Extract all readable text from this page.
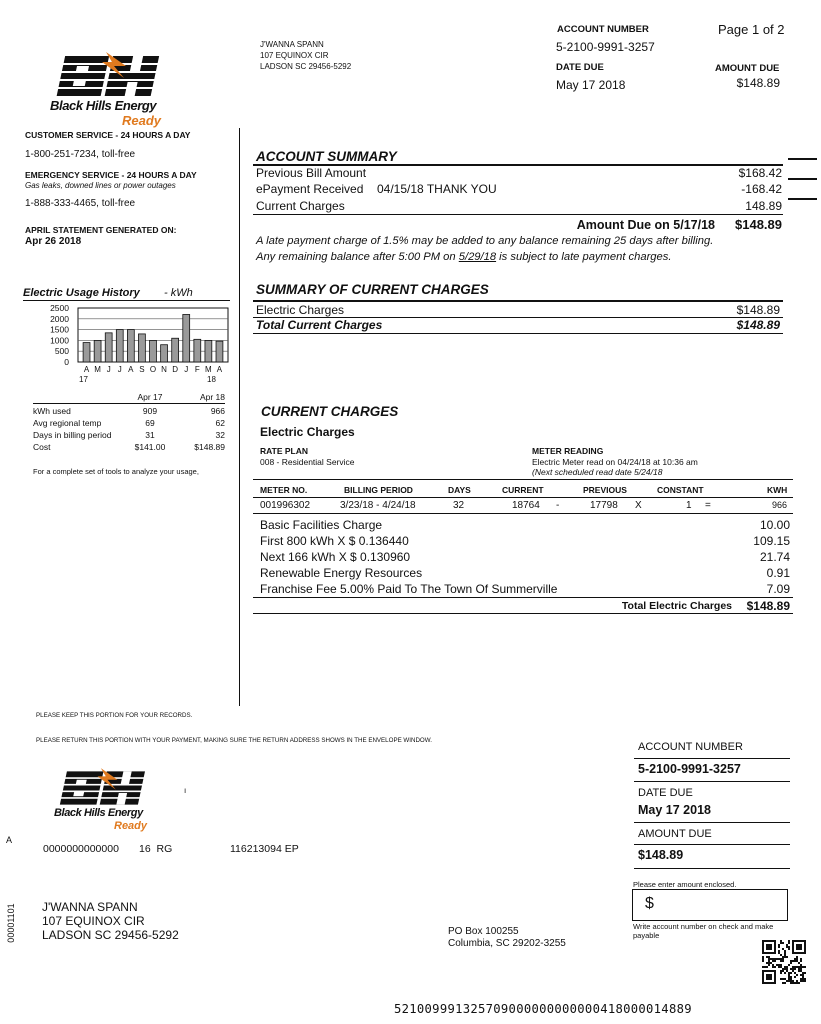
J'WANNA SPANN
107 EQUINOX CIR
LADSON SC 29456-5292
ACCOUNT NUMBER
5-2100-9991-3257
Page 1 of 2
DATE DUE
May 17 2018
AMOUNT DUE
$148.89
Black Hills Energy
Ready
CUSTOMER SERVICE - 24 HOURS A DAY
1-800-251-7234, toll-free
EMERGENCY SERVICE - 24 HOURS A DAY
Gas leaks, downed lines or power outages
1-888-333-4465, toll-free
APRIL STATEMENT GENERATED ON:
Apr 26 2018
Electric Usage History - kWh
2500
2000
1500
1000
500
0
A M J J A S O N D J F M A
17	18
Apr 17	Apr 18
kWh used	909	966
Avg regional temp	69	62
Days in billing period	31	32
Cost	$141.00	$148.89
For a complete set of tools to analyze your usage,
ACCOUNT SUMMARY
Previous Bill Amount	$168.42
ePayment Received 04/15/18 THANK YOU	-168.42
Current Charges	148.89
Amount Due on 5/17/18	$148.89
A late payment charge of 1.5% may be added to any balance remaining 25 days after billing.
Any remaining balance after 5:00 PM on 5/29/18 is subject to late payment charges.
SUMMARY OF CURRENT CHARGES
Electric Charges	$148.89
Total Current Charges	$148.89
CURRENT CHARGES
Electric Charges
RATE PLAN
008 - Residential Service
METER READING
Electric Meter read on 04/24/18 at 10:36 am
(Next scheduled read date 5/24/18
METER NO.	BILLING PERIOD	DAYS	CURRENT	PREVIOUS	CONSTANT	KWH
001996302	3/23/18 - 4/24/18	32	18764 -	17798 X	1 =	966
Basic Facilities Charge	10.00
First 800 kWh X $ 0.136440	109.15
Next 166 kWh X $ 0.130960	21.74
Renewable Energy Resources	0.91
Franchise Fee 5.00% Paid To The Town Of Summerville	7.09
Total Electric Charges	$148.89
PLEASE KEEP THIS PORTION FOR YOUR RECORDS.
PLEASE RETURN THIS PORTION WITH YOUR PAYMENT, MAKING SURE THE RETURN ADDRESS SHOWS IN THE ENVELOPE WINDOW.
Black Hills Energy
Ready
ı
ACCOUNT NUMBER
5-2100-9991-3257
DATE DUE
May 17 2018
AMOUNT DUE
$148.89
Please enter amount enclosed.
$
Write account number on check and make payable
A
0000000000000 16  RG	116213094 EP
00001101 J'WANNA SPANN
107 EQUINOX CIR
LADSON SC 29456-5292	PO Box 100255
Columbia, SC 29202-3255
521009991325709000000000000418000014889
